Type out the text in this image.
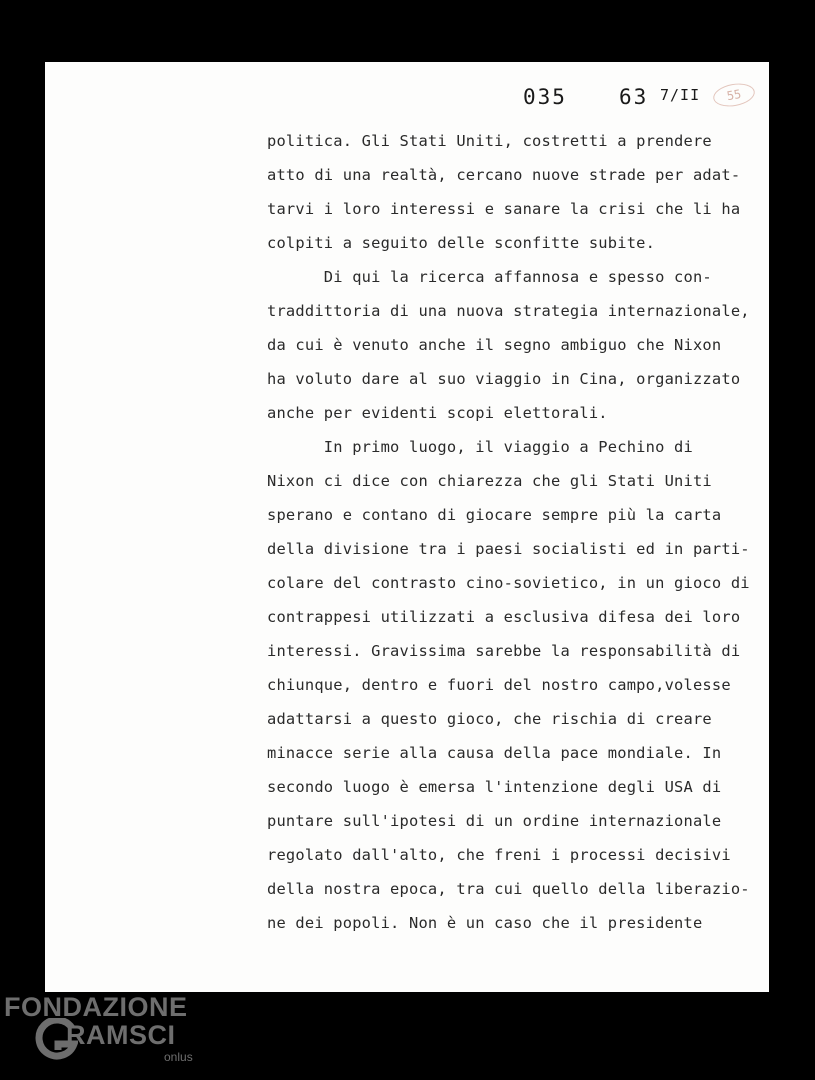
035 63 7/II	55
politica. Gli Stati Uniti, costretti a prendere
atto di una realtà, cercano nuove strade per adat-
tarvi i loro interessi e sanare la crisi che li ha
colpiti a seguito delle sconfitte subite.
Di qui la ricerca affannosa e spesso con-
traddittoria di una nuova strategia internazionale,
da cui è venuto anche il segno ambiguo che Nixon
ha voluto dare al suo viaggio in Cina, organizzato
anche per evidenti scopi elettorali.
In primo luogo, il viaggio a Pechino di
Nixon ci dice con chiarezza che gli Stati Uniti
sperano e contano di giocare sempre più la carta
della divisione tra i paesi socialisti ed in parti-
colare del contrasto cino-sovietico, in un gioco di
contrappesi utilizzati a esclusiva difesa dei loro
interessi. Gravissima sarebbe la responsabilità di
chiunque, dentro e fuori del nostro campo,volesse
adattarsi a questo gioco, che rischia di creare
minacce serie alla causa della pace mondiale. In
secondo luogo è emersa l'intenzione degli USA di
puntare sull'ipotesi di un ordine internazionale
regolato dall'alto, che freni i processi decisivi
della nostra epoca, tra cui quello della liberazio-
ne dei popoli. Non è un caso che il presidente
FONDAZIONE
RAMSCI
onlus
